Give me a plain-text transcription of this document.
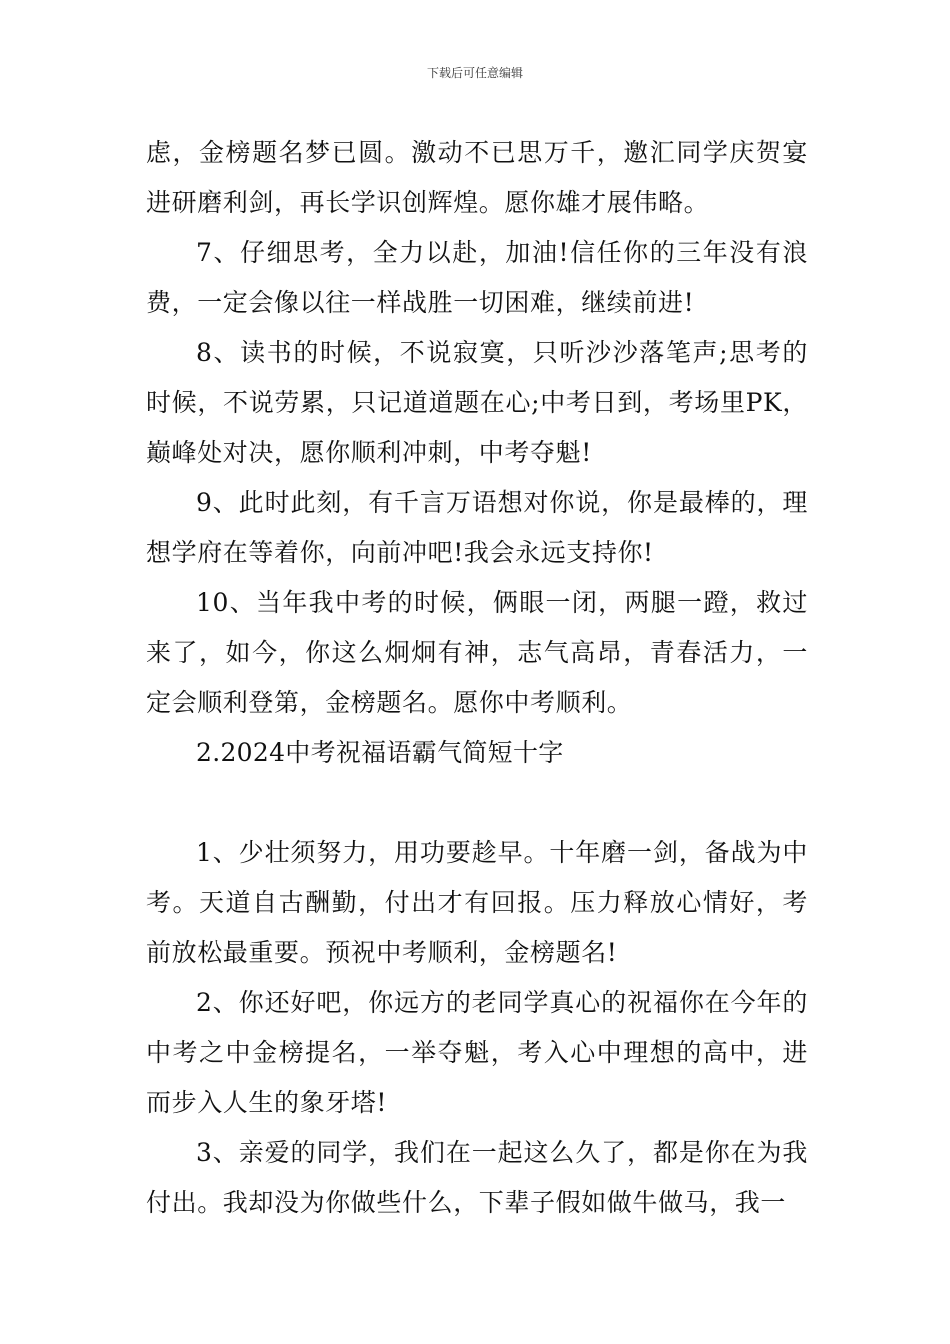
下载后可任意编辑

虑，金榜题名梦已圆。激动不已思万千，邀汇同学庆贺宴进研磨利剑，再长学识创辉煌。愿你雄才展伟略。

7、仔细思考，全力以赴，加油!信任你的三年没有浪费，一定会像以往一样战胜一切困难，继续前进!

8、读书的时候，不说寂寞，只听沙沙落笔声;思考的时候，不说劳累，只记道道题在心;中考日到，考场里PK，巅峰处对决，愿你顺利冲刺，中考夺魁!

9、此时此刻，有千言万语想对你说，你是最棒的，理想学府在等着你，向前冲吧!我会永远支持你!

10、当年我中考的时候，俩眼一闭，两腿一蹬，救过来了，如今，你这么炯炯有神，志气高昂，青春活力，一定会顺利登第，金榜题名。愿你中考顺利。

2.2024中考祝福语霸气简短十字

1、少壮须努力，用功要趁早。十年磨一剑，备战为中考。天道自古酬勤，付出才有回报。压力释放心情好，考前放松最重要。预祝中考顺利，金榜题名!

2、你还好吧，你远方的老同学真心的祝福你在今年的中考之中金榜提名，一举夺魁，考入心中理想的高中，进而步入人生的象牙塔!

3、亲爱的同学，我们在一起这么久了，都是你在为我付出。我却没为你做些什么，下辈子假如做牛做马，我一
